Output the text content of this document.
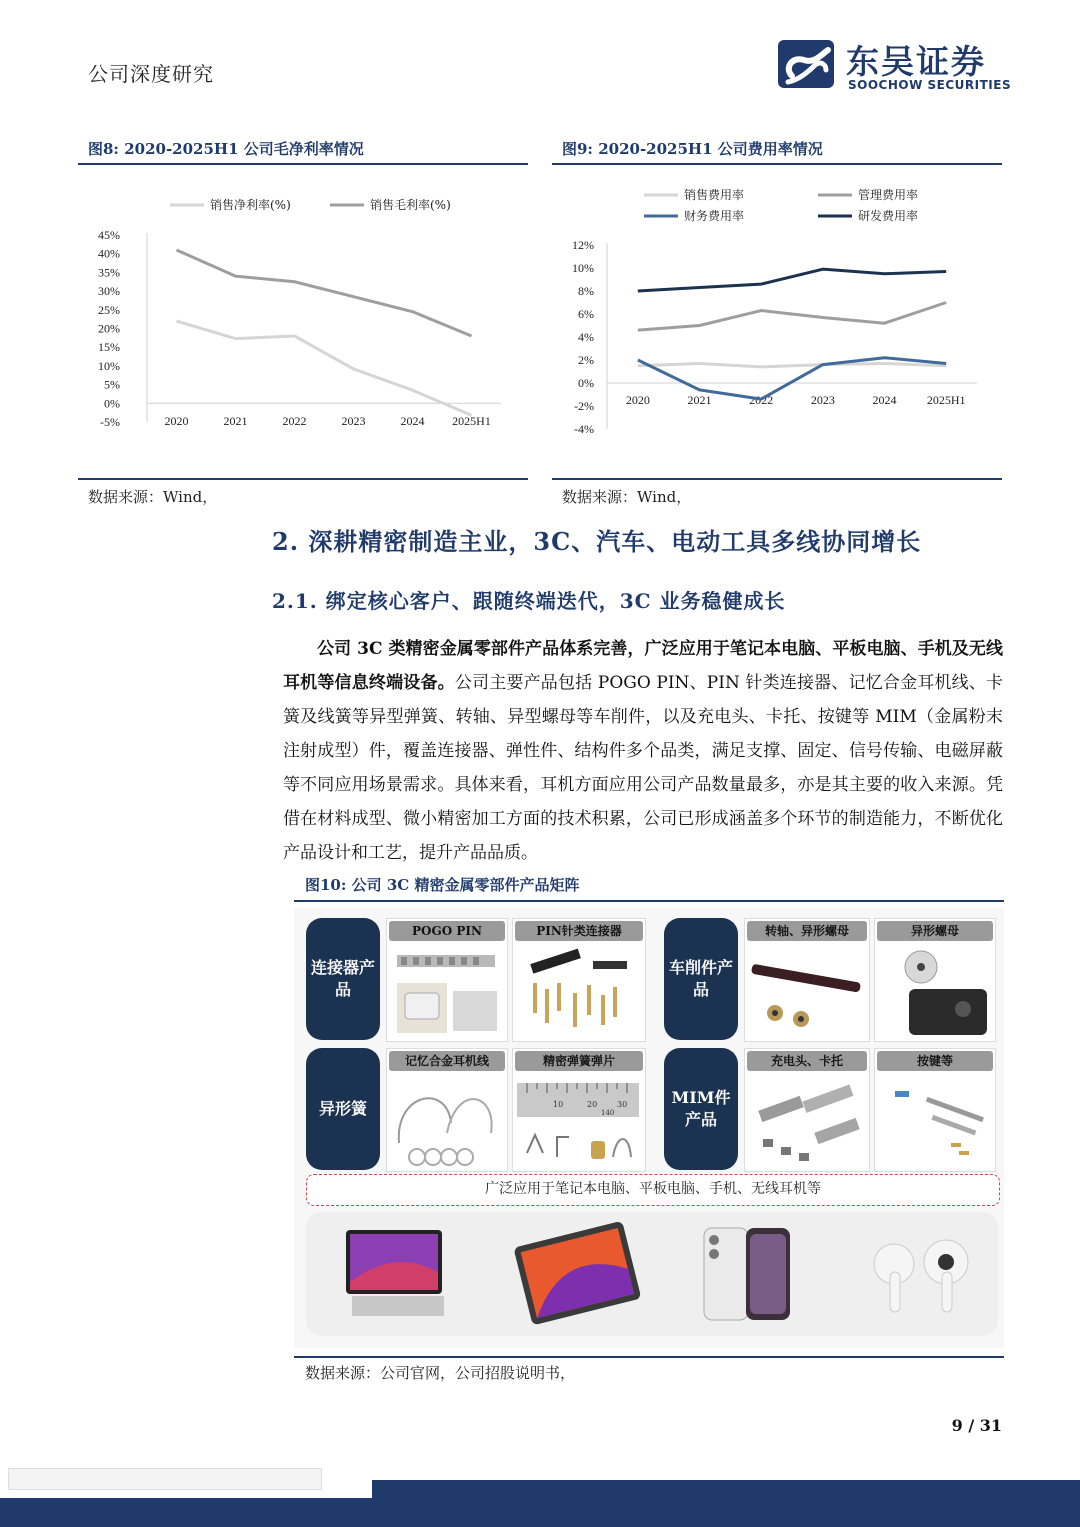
公司深度研究	东吴证券
SOOCHOW SECURITIES
图8: 2020-2025H1 公司毛净利率情况
45%
40%
35%
30%
25%
20%
15%
10%
5%
0%
-5%	2020	2021	2022	2023	2024 2025H1
销售净利率(%)	销售毛利率(%)
数据来源：Wind，
图9: 2020-2025H1 公司费用率情况
12%
10%
8%
6%
4%
2%
0%
-2%
-4%
2020	2021	2022	2023	2024	2025H1
销售费用率	管理费用率
财务费用率	研发费用率
数据来源：Wind，
2. 深耕精密制造主业，3C、汽车、电动工具多线协同增长
2.1. 绑定核心客户、跟随终端迭代，3C 业务稳健成长

公司 3C 类精密金属零部件产品体系完善，广泛应用于笔记本电脑、平板电脑、手机及无线耳机等信息终端设备。公司主要产品包括 POGO PIN、PIN 针类连接器、记忆合金耳机线、卡簧及线簧等异型弹簧、转轴、异型螺母等车削件，以及充电头、卡托、按键等 MIM（金属粉末注射成型）件，覆盖连接器、弹性件、结构件多个品类，满足支撑、固定、信号传输、电磁屏蔽等不同应用场景需求。具体来看，耳机方面应用公司产品数量最多，亦是其主要的收入来源。凭借在材料成型、微小精密加工方面的技术积累，公司已形成涵盖多个环节的制造能力，不断优化产品设计和工艺，提升产品品质。

图10: 公司 3C 精密金属零部件产品矩阵
连接器产品
POGO PIN	PIN针类连接器
车削件产品
转轴、异形螺母	异形螺母
异形簧
记忆合金耳机线	精密弹簧弹片
10	20 30
140
MIM件产品
充电头、卡托	按键等
广泛应用于笔记本电脑、平板电脑、手机、无线耳机等
数据来源：公司官网，公司招股说明书，
9 / 31
